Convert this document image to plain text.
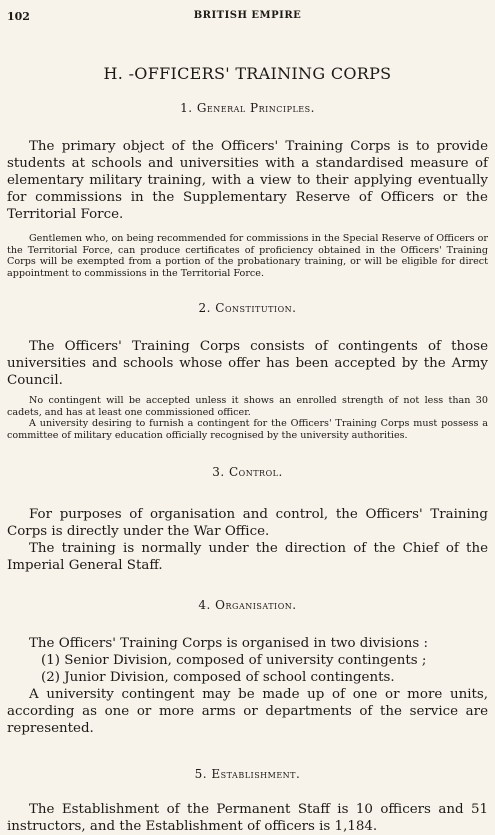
102	BRITISH EMPIRE
H. -OFFICERS' TRAINING CORPS
1. General Principles.

The primary object of the Officers' Training Corps is to provide students at schools and universities with a standardised measure of elementary military training, with a view to their applying eventually for commissions in the Supplementary Reserve of Officers or the Territorial Force.

Gentlemen who, on being recommended for commissions in the Special Reserve of Officers or the Territorial Force, can produce certificates of proficiency obtained in the Officers' Training Corps will be exempted from a portion of the probationary training, or will be eligible for direct appointment to commissions in the Territorial Force.

2. Constitution.

The Officers' Training Corps consists of contingents of those universities and schools whose offer has been accepted by the Army Council.

No contingent will be accepted unless it shows an enrolled strength of not less than 30 cadets, and has at least one commissioned officer.

A university desiring to furnish a contingent for the Officers' Training Corps must possess a committee of military education officially recognised by the university authorities.

3. Control.

For purposes of organisation and control, the Officers' Training Corps is directly under the War Office.

The training is normally under the direction of the Chief of the Imperial General Staff.

4. Organisation.

The Officers' Training Corps is organised in two divisions :

(1) Senior Division, composed of university contingents ;
(2) Junior Division, composed of school contingents.

A university contingent may be made up of one or more units, according as one or more arms or departments of the service are represented.

5. Establishment.

The Establishment of the Permanent Staff is 10 officers and 51 instructors, and the Establishment of officers is 1,184.
